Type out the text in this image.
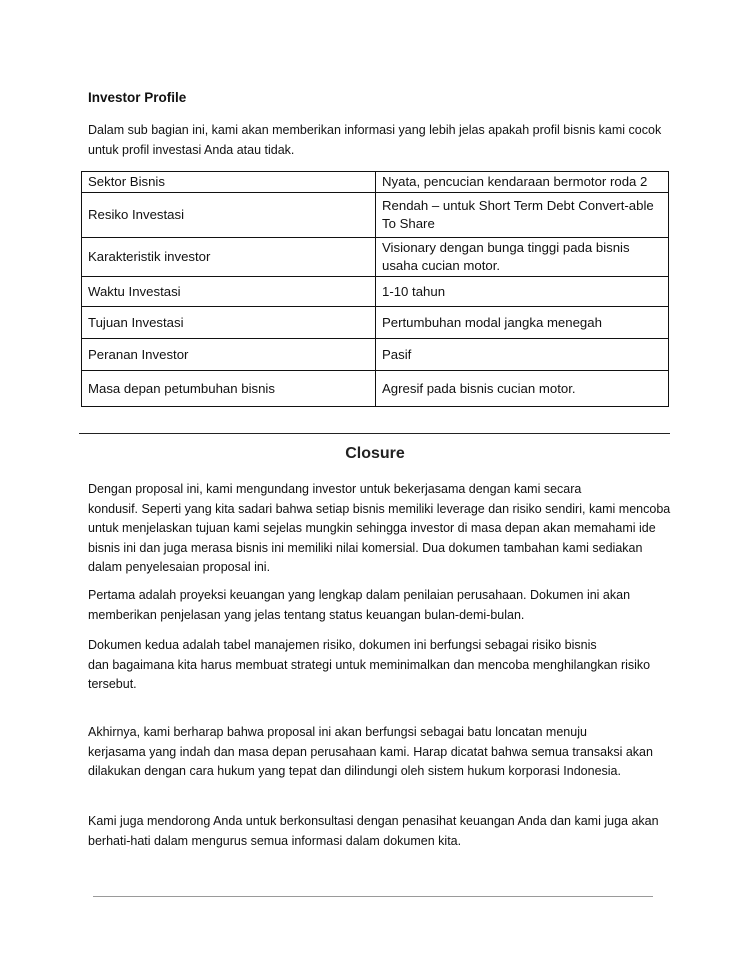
Investor Profile

Dalam sub bagian ini, kami akan memberikan informasi yang lebih jelas apakah profil bisnis kami cocok untuk profil investasi Anda atau tidak.

Sektor Bisnis	Nyata, pencucian kendaraan bermotor roda 2
Resiko Investasi	Rendah – untuk Short Term Debt Convert-able To Share
Karakteristik investor	Visionary dengan bunga tinggi pada bisnis usaha cucian motor.
Waktu Investasi	1-10 tahun
Tujuan Investasi	Pertumbuhan modal jangka menegah
Peranan Investor	Pasif
Masa depan petumbuhan bisnis	Agresif pada bisnis cucian motor.
Closure
Dengan proposal ini, kami mengundang investor untuk bekerjasama dengan kami secara
kondusif. Seperti yang kita sadari bahwa setiap bisnis memiliki leverage dan risiko sendiri, kami mencoba
untuk menjelaskan tujuan kami sejelas mungkin sehingga investor di masa depan akan memahami ide
bisnis ini dan juga merasa bisnis ini memiliki nilai komersial. Dua dokumen tambahan kami sediakan
dalam penyelesaian proposal ini.
Pertama adalah proyeksi keuangan yang lengkap dalam penilaian perusahaan. Dokumen ini akan
memberikan penjelasan yang jelas tentang status keuangan bulan-demi-bulan.
Dokumen kedua adalah tabel manajemen risiko, dokumen ini berfungsi sebagai risiko bisnis
dan bagaimana kita harus membuat strategi untuk meminimalkan dan mencoba menghilangkan risiko
tersebut.
Akhirnya, kami berharap bahwa proposal ini akan berfungsi sebagai batu loncatan menuju
kerjasama yang indah dan masa depan perusahaan kami. Harap dicatat bahwa semua transaksi akan
dilakukan dengan cara hukum yang tepat dan dilindungi oleh sistem hukum korporasi Indonesia.
Kami juga mendorong Anda untuk berkonsultasi dengan penasihat keuangan Anda dan kami juga akan
berhati-hati dalam mengurus semua informasi dalam dokumen kita.
